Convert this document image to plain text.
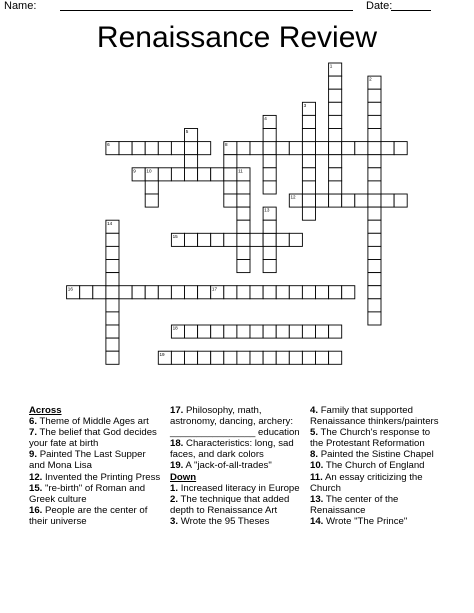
Name:	Date:
Renaissance Review
6	8
9
12
15
16	17
18
19
1
2
3
4
5
10	11
13
14

Across

6. Theme of Middle Ages art

7. The belief that God decides your fate at birth

9. Painted The Last Supper and Mona Lisa

12. Invented the Printing Press

15. "re-birth" of Roman and Greek culture

16. People are the center of their universe

17. Philosophy, math, astronomy, dancing, archery: ________________ education

18. Characteristics: long, sad faces, and dark colors

19. A "jack-of-all-trades"

Down

1. Increased literacy in Europe

2. The technique that added depth to Renaissance Art

3. Wrote the 95 Theses

4. Family that supported Renaissance thinkers/painters

5. The Church's response to the Protestant Reformation

8. Painted the Sistine Chapel

10. The Church of England

11. An essay criticizing the Church

13. The center of the Renaissance

14. Wrote "The Prince"
